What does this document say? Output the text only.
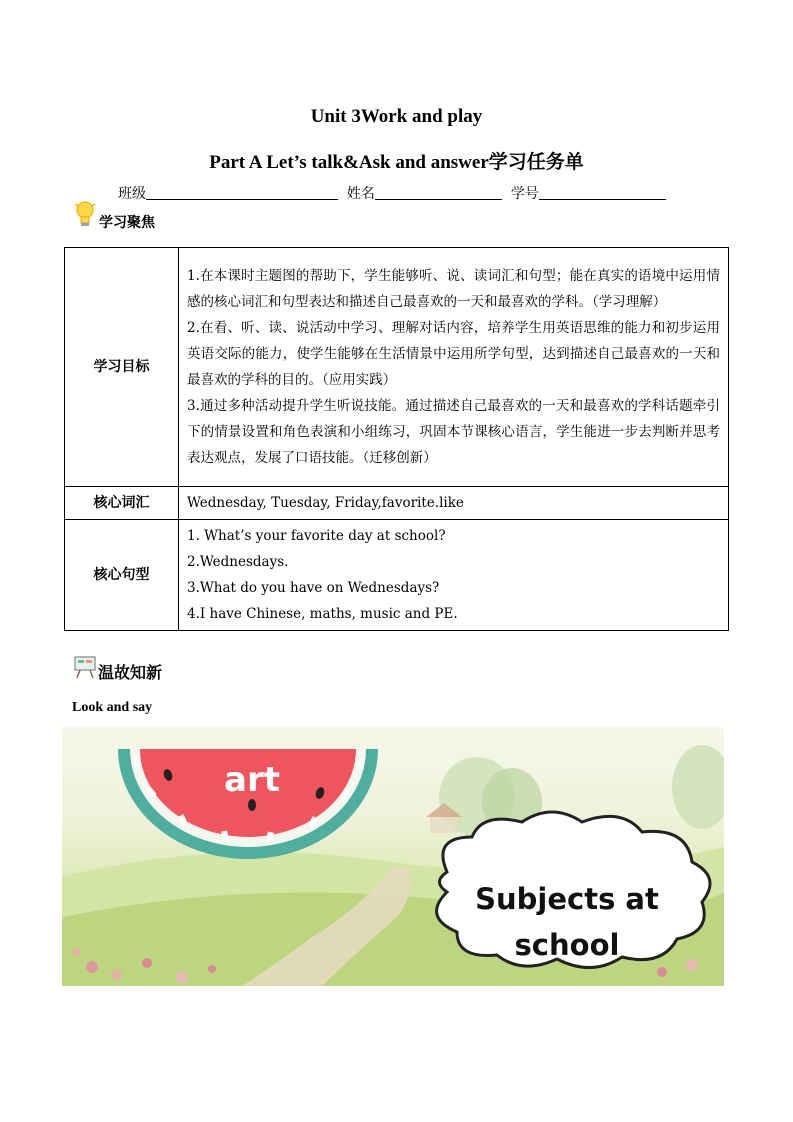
Unit 3Work and play
Part A Let’s talk&Ask and answer学习任务单
班级	姓名	学号
学习聚焦
学习目标	1.在本课时主题图的帮助下，学生能够听、说、读词汇和句型；能在真实的语境中运用情感的核心词汇和句型表达和描述自己最喜欢的一天和最喜欢的学科。（学习理解）
2.在看、听、读、说活动中学习、理解对话内容，培养学生用英语思维的能力和初步运用英语交际的能力，使学生能够在生活情景中运用所学句型，达到描述自己最喜欢的一天和最喜欢的学科的目的。（应用实践）
3.通过多种活动提升学生听说技能。通过描述自己最喜欢的一天和最喜欢的学科话题牵引下的情景设置和角色表演和小组练习，巩固本节课核心语言，学生能进一步去判断并思考表达观点，发展了口语技能。（迁移创新）

核心词汇	Wednesday, Tuesday, Friday,favorite.like

核心句型	1. What’s your favorite day at school?
2.Wednesdays.
3.What do you have on Wednesdays?
4.I have Chinese, maths, music and PE.
温故知新
Look and say
art
Subjects at
school
